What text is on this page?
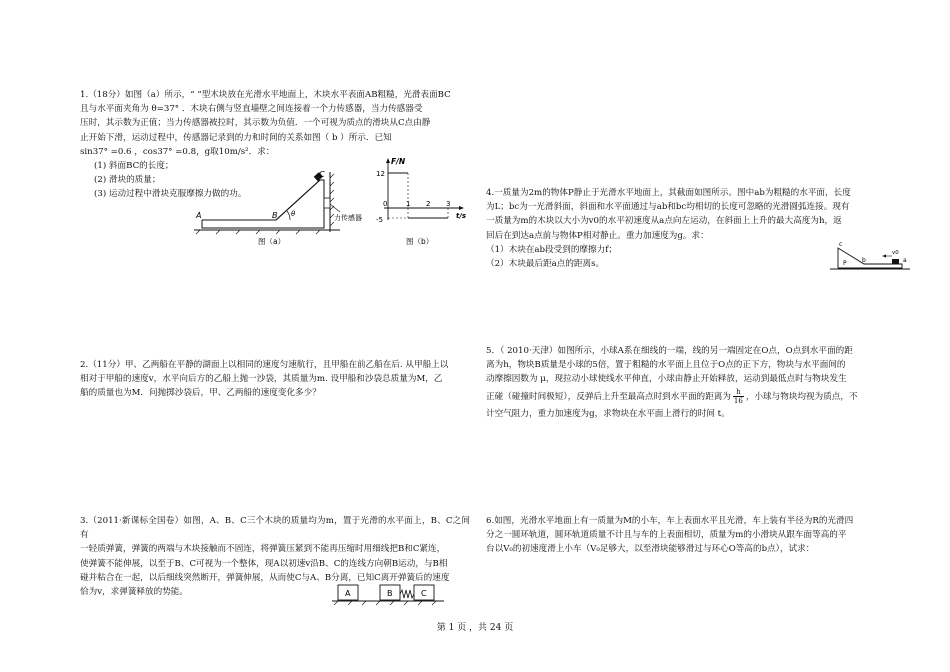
1.（18分）如图（a）所示，“ ”型木块放在光滑水平地面上，木块水平表面AB粗糙，光滑表面BC

且与水平面夹角为 θ=37° ．木块右侧与竖直墙壁之间连接着一个力传感器，当力传感器受

压时，其示数为正值；当力传感器被拉时，其示数为负值．一个可视为质点的滑块从C点由静

止开始下滑，运动过程中，传感器记录到的力和时间的关系如图（ b ）所示．已知

sin37° =0.6 ，cos37° =0.8，g取10m/s²．求：

(1) 斜面BC的长度；

(2) 滑块的质量；

(3) 运动过程中滑块克服摩擦力做的功。

A	B
C
θ	力传感器
图（a）
F/N
t/s
12
-5
0	1 2 3
图（b）

2.（11分）甲、乙两船在平静的湖面上以相同的速度匀速航行，且甲船在前乙船在后. 从甲船上以

相对于甲船的速度v，水平向后方的乙船上抛一沙袋，其质量为m. 设甲船和沙袋总质量为M，乙

船的质量也为M．问抛掷沙袋后，甲、乙两船的速度变化多少？

3.（2011·新课标全国卷）如图，A、B、C三个木块的质量均为m，置于光滑的水平面上，B、C之间有

一轻质弹簧，弹簧的两端与木块接触而不固连，将弹簧压紧到不能再压缩时用细线把B和C紧连，

使弹簧不能伸展，以至于B、C可视为一个整体，现A以初速v沿B、C的连线方向朝B运动，与B相

碰并粘合在一起，以后细线突然断开，弹簧伸展，从而使C与A、B分离，已知C离开弹簧后的速度

恰为v，求弹簧释放的势能。	A	B	C

4.一质量为2m的物体P静止于光滑水平地面上，其截面如图所示。图中ab为粗糙的水平面，长度

为L；bc为一光滑斜面，斜面和水平面通过与ab和bc均相切的长度可忽略的光滑圆弧连接。现有

一质量为m的木块以大小为v0的水平初速度从a点向左运动，在斜面上上升的最大高度为h，返

回后在到达a点前与物体P相对静止。重力加速度为g。求：

（1）木块在ab段受到的摩擦力f；

（2）木块最后距a点的距离s。

c
P	b	a
v0

5．（ 2010·天津）如图所示，小球A系在细线的一端，线的另一端固定在O点，O点到水平面的距

离为h，物块B质量是小球的5倍，置于粗糙的水平面上且位于O点的正下方，物块与水平面间的

动摩擦因数为 μ，现拉动小球使线水平伸直，小球由静止开始释放，运动到最低点时与物块发生

正碰（碰撞时间极短），反弹后上升至最高点时到水平面的距离为 $\frac{h}{16}$ ，小球与物块均视为质点，不

计空气阻力，重力加速度为g，求物块在水平面上滑行的时间 t。

6.如图，光滑水平地面上有一质量为M的小车，车上表面水平且光滑，车上装有半径为R的光滑四

分之一圆环轨道，圆环轨道质量不计且与车的上表面相切，质量为m的小滑块从跟车面等高的平

台以V₀的初速度滑上小车（V₀足够大，以至滑块能够滑过与环心O等高的b点），试求：

第 1 页 ，共 24 页
